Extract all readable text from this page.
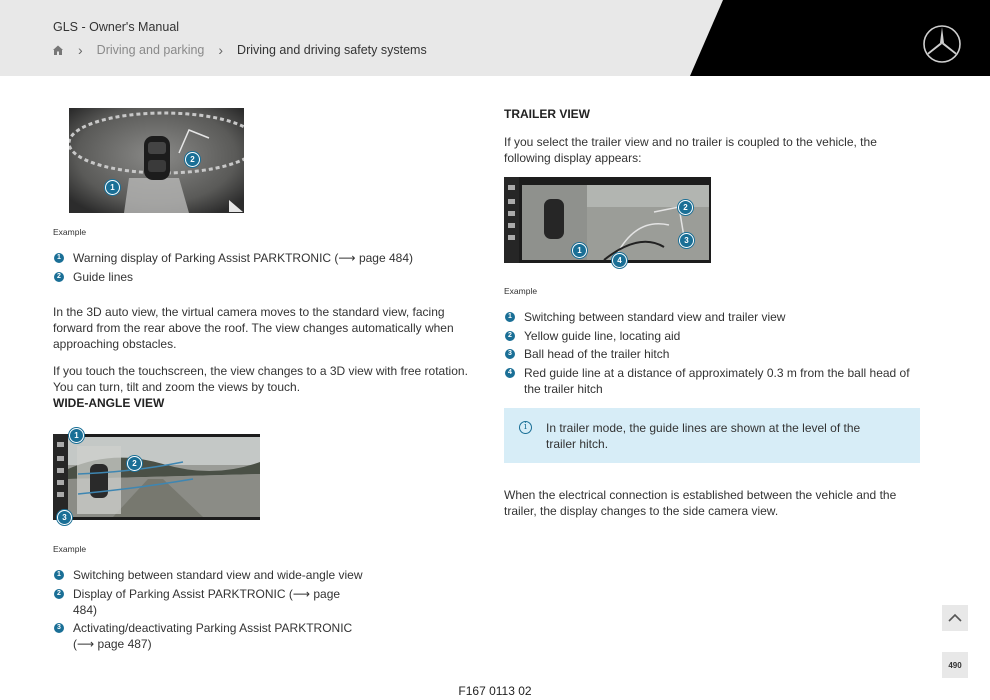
GLS - Owner's Manual
› Driving and parking › Driving and driving safety systems
1
2
Example
1 Warning display of Parking Assist PARKTRONIC (⟶ page 484)
2 Guide lines

In the 3D auto view, the virtual camera moves to the standard view, facing forward from the rear above the roof. The view changes automatically when approaching obstacles.

If you touch the touchscreen, the view changes to a 3D view with free rotation. You can turn, tilt and zoom the views by touch.

WIDE-ANGLE VIEW
1
2
3
Example
1 Switching between standard view and wide-angle view
2 Display of Parking Assist PARKTRONIC (⟶ page 484)
3 Activating/deactivating Parking Assist PARKTRONIC (⟶ page 487)
TRAILER VIEW

If you select the trailer view and no trailer is coupled to the vehicle, the following display appears:

1
2
3
4
Example
1 Switching between standard view and trailer view
2 Yellow guide line, locating aid
3 Ball head of the trailer hitch
4 Red guide line at a distance of approximately 0.3 m from the ball head of the trailer hitch
i	In trailer mode, the guide lines are shown at the level of the trailer hitch.

When the electrical connection is established between the vehicle and the trailer, the display changes to the side camera view.

490
F167 0113 02
